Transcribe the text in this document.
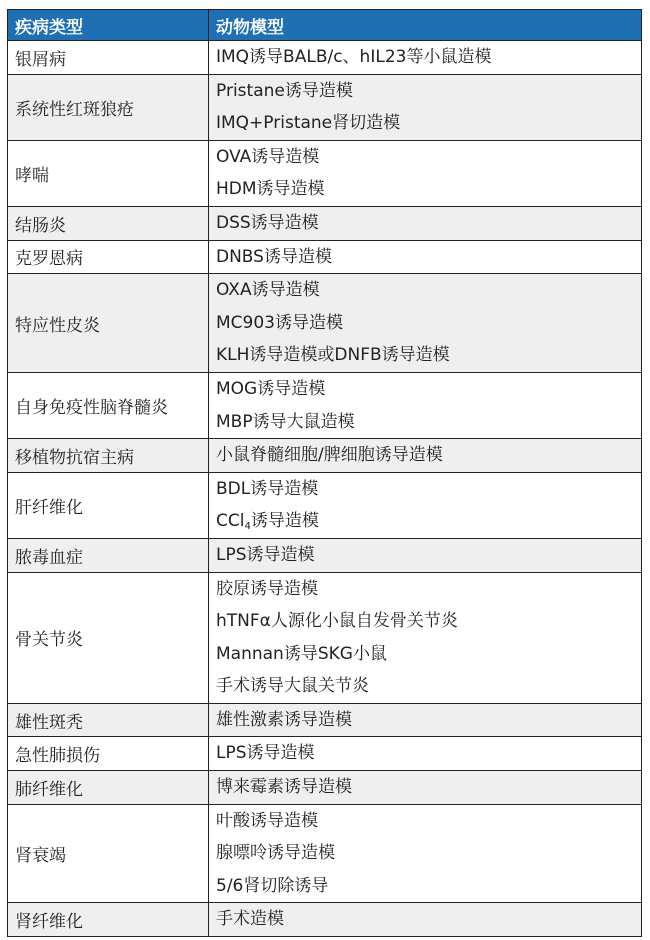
疾病类型	动物模型
银屑病	IMQ诱导BALB/c、hIL23等小鼠造模

系统性红斑狼疮	Pristane诱导造模
IMQ+Pristane肾切造模

哮喘	OVA诱导造模
HDM诱导造模

结肠炎	DSS诱导造模

克罗恩病	DNBS诱导造模

特应性皮炎	OXA诱导造模
MC903诱导造模
KLH诱导造模或DNFB诱导造模

自身免疫性脑脊髓炎	MOG诱导造模
MBP诱导大鼠造模

移植物抗宿主病	小鼠脊髓细胞/脾细胞诱导造模

肝纤维化	BDL诱导造模
CCl$_4$诱导造模

脓毒血症	LPS诱导造模

骨关节炎	胶原诱导造模
hTNFα人源化小鼠自发骨关节炎
Mannan诱导SKG小鼠
手术诱导大鼠关节炎

雄性斑秃	雄性激素诱导造模

急性肺损伤	LPS诱导造模

肺纤维化	博来霉素诱导造模

肾衰竭	叶酸诱导造模
腺嘌呤诱导造模
5/6肾切除诱导

肾纤维化	手术造模
